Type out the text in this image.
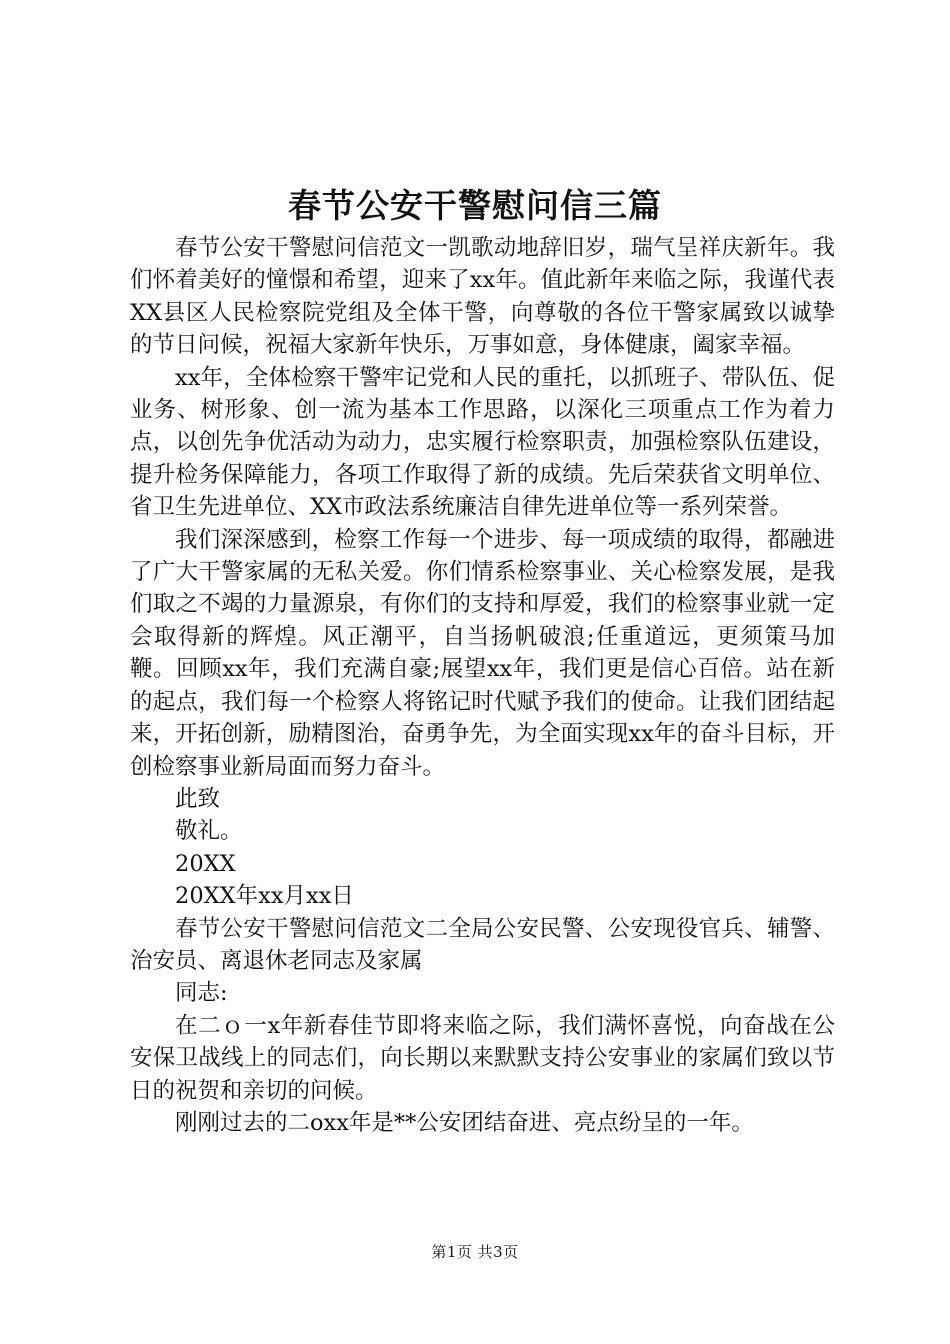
春节公安干警慰问信三篇

春节公安干警慰问信范文一凯歌动地辞旧岁，瑞气呈祥庆新年。我们怀着美好的憧憬和希望，迎来了xx年。值此新年来临之际，我谨代表XX县区人民检察院党组及全体干警，向尊敬的各位干警家属致以诚挚的节日问候，祝福大家新年快乐，万事如意，身体健康，阖家幸福。

xx年，全体检察干警牢记党和人民的重托，以抓班子、带队伍、促业务、树形象、创一流为基本工作思路，以深化三项重点工作为着力点，以创先争优活动为动力，忠实履行检察职责，加强检察队伍建设，提升检务保障能力，各项工作取得了新的成绩。先后荣获省文明单位、省卫生先进单位、XX市政法系统廉洁自律先进单位等一系列荣誉。

我们深深感到，检察工作每一个进步、每一项成绩的取得，都融进了广大干警家属的无私关爱。你们情系检察事业、关心检察发展，是我们取之不竭的力量源泉，有你们的支持和厚爱，我们的检察事业就一定会取得新的辉煌。风正潮平，自当扬帆破浪;任重道远，更须策马加鞭。回顾xx年，我们充满自豪;展望xx年，我们更是信心百倍。站在新的起点，我们每一个检察人将铭记时代赋予我们的使命。让我们团结起来，开拓创新，励精图治，奋勇争先，为全面实现xx年的奋斗目标，开创检察事业新局面而努力奋斗。

此致

敬礼。

20XX

20XX年xx月xx日

春节公安干警慰问信范文二全局公安民警、公安现役官兵、辅警、治安员、离退休老同志及家属

同志:

在二ｏ一x年新春佳节即将来临之际，我们满怀喜悦，向奋战在公安保卫战线上的同志们，向长期以来默默支持公安事业的家属们致以节日的祝贺和亲切的问候。

刚刚过去的二oxx年是**公安团结奋进、亮点纷呈的一年。

第1页 共3页
